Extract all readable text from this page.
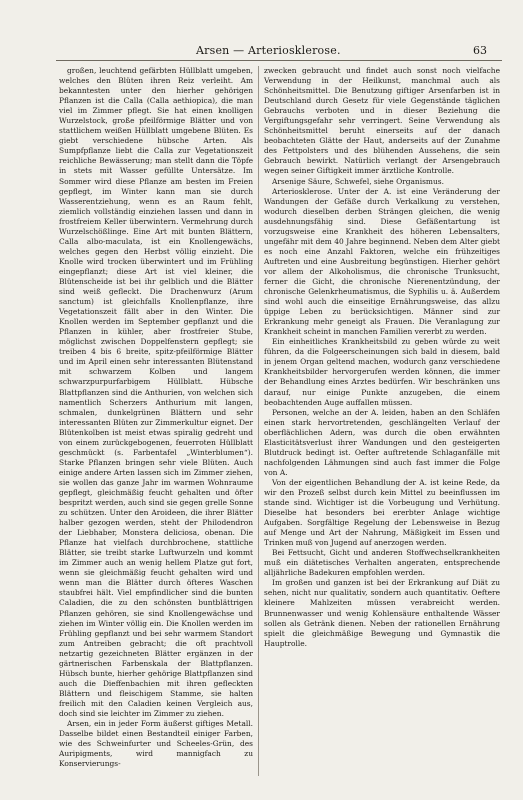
Arsen — Arteriosklerose.	63

großen, leuchtend gefärbten Hüllblatt umgeben, welches den Blüten ihren Reiz verleiht. Am bekanntesten unter den hierher gehörigen Pflanzen ist die Calla (Calla aethiopica), die man viel im Zimmer pflegt. Sie hat einen knolligen Wurzelstock, große pfeilförmige Blätter und von stattlichem weißen Hüllblatt umgebene Blüten. Es giebt verschiedene hübsche Arten. Als Sumpfpflanze liebt die Calla zur Vegetationszeit reichliche Bewässerung; man stellt dann die Töpfe in stets mit Wasser gefüllte Untersätze. Im Sommer wird diese Pflanze am besten im Freien gepflegt, im Winter kann man sie durch Wasserentziehung, wenn es an Raum fehlt, ziemlich vollständig einziehen lassen und dann in frostfreiem Keller überwintern. Vermehrung durch Wurzelschößlinge. Eine Art mit bunten Blättern, Calla albo-maculata, ist ein Knollengewächs, welches gegen den Herbst völlig einzieht. Die Knolle wird trocken überwintert und im Frühling eingepflanzt; diese Art ist viel kleiner, die Blütenscheide ist bei ihr gelblich und die Blätter sind weiß gefleckt. Die Drachenwurz (Arum sanctum) ist gleichfalls Knollenpflanze, ihre Vegetationszeit fällt aber in den Winter. Die Knollen werden im September gepflanzt und die Pflanzen in kühler, aber frostfreier Stube, möglichst zwischen Doppelfenstern gepflegt; sie treiben 4 bis 6 breite, spitz-pfeilförmige Blätter und im April einen sehr interessanten Blütenstand mit schwarzem Kolben und langem schwarzpurpurfarbigem Hüllblatt. Hübsche Blattpflanzen sind die Anthurien, von welchen sich namentlich Scherzers Anthurium mit langen, schmalen, dunkelgrünen Blättern und sehr interessanten Blüten zur Zimmerkultur eignet. Der Blütenkolben ist meist etwas spiralig gedreht und von einem zurückgebogenen, feuerroten Hüllblatt geschmückt (s. Farbentafel „Winterblumen“). Starke Pflanzen bringen sehr viele Blüten. Auch einige andere Arten lassen sich im Zimmer ziehen, sie wollen das ganze Jahr im warmen Wohnraume gepflegt, gleichmäßig feucht gehalten und öfter bespritzt werden, auch sind sie gegen grelle Sonne zu schützen. Unter den Aroideen, die ihrer Blätter halber gezogen werden, steht der Philodendron der Liebhaber, Monstera deliciosa, obenan. Die Pflanze hat vielfach durchbrochene, stattliche Blätter, sie treibt starke Luftwurzeln und kommt im Zimmer auch an wenig hellem Platze gut fort, wenn sie gleichmäßig feucht gehalten wird und wenn man die Blätter durch öfteres Waschen staubfrei hält. Viel empfindlicher sind die bunten Caladien, die zu den schönsten buntblättrigen Pflanzen gehören, sie sind Knollengewächse und ziehen im Winter völlig ein. Die Knollen werden im Frühling gepflanzt und bei sehr warmem Standort zum Antreiben gebracht; die oft prachtvoll netzartig gezeichneten Blätter ergänzen in der gärtnerischen Farbenskala der Blattpflanzen. Hübsch bunte, hierher gehörige Blattpflanzen sind auch die Dieffenbachien mit ihren gefleckten Blättern und fleischigem Stamme, sie halten freilich mit den Caladien keinen Vergleich aus, doch sind sie leichter im Zimmer zu ziehen.

Arsen, ein in jeder Form äußerst giftiges Metall. Dasselbe bildet einen Bestandteil einiger Farben, wie des Schweinfurter und Scheeles-Grün, des Auripigments, wird mannigfach zu Konservierungs-

zwecken gebraucht und findet auch sonst noch vielfache Verwendung in der Heilkunst, manchmal auch als Schönheitsmittel. Die Benutzung giftiger Arsenfarben ist in Deutschland durch Gesetz für viele Gegenstände täglichen Gebrauchs verboten und in dieser Beziehung die Vergiftungsgefahr sehr verringert. Seine Verwendung als Schönheitsmittel beruht einerseits auf der danach beobachteten Glätte der Haut, anderseits auf der Zunahme des Fettpolsters und des blühenden Aussehens, die sein Gebrauch bewirkt. Natürlich verlangt der Arsengebrauch wegen seiner Giftigkeit immer ärztliche Kontrolle.

Arsenige Säure, Schwefel, siehe Organismus.

Arteriosklerose. Unter der A. ist eine Veränderung der Wandungen der Gefäße durch Verkalkung zu verstehen, wodurch dieselben derben Strängen gleichen, die wenig ausdehnungsfähig sind. Diese Gefäßentartung ist vorzugsweise eine Krankheit des höheren Lebensalters, ungefähr mit dem 40 Jahre beginnend. Neben dem Alter giebt es noch eine Anzahl Faktoren, welche ein frühzeitiges Auftreten und eine Ausbreitung begünstigen. Hierher gehört vor allem der Alkoholismus, die chronische Trunksucht, ferner die Gicht, die chronische Nierenentzündung, der chronische Gelenkrheumatismus, die Syphilis u. ä. Außerdem sind wohl auch die einseitige Ernährungsweise, das allzu üppige Leben zu berücksichtigen. Männer sind zur Erkrankung mehr geneigt als Frauen. Die Veranlagung zur Krankheit scheint in manchen Familien vererbt zu werden.

Ein einheitliches Krankheitsbild zu geben würde zu weit führen, da die Folgeerscheinungen sich bald in diesem, bald in jenem Organ geltend machen, wodurch ganz verschiedene Krankheitsbilder hervorgerufen werden können, die immer der Behandlung eines Arztes bedürfen. Wir beschränken uns darauf, nur einige Punkte anzugeben, die einem beobachtenden Auge auffallen müssen.

Personen, welche an der A. leiden, haben an den Schläfen einen stark hervortretenden, geschlängelten Verlauf der oberflächlichen Adern, was durch die oben erwähnten Elasticitätsverlust ihrer Wandungen und den gesteigerten Blutdruck bedingt ist. Oefter auftretende Schlaganfälle mit nachfolgenden Lähmungen sind auch fast immer die Folge von A.

Von der eigentlichen Behandlung der A. ist keine Rede, da wir den Prozeß selbst durch kein Mittel zu beeinflussen im stande sind. Wichtiger ist die Vorbeugung und Verhütung. Dieselbe hat besonders bei ererbter Anlage wichtige Aufgaben. Sorgfältige Regelung der Lebensweise in Bezug auf Menge und Art der Nahrung, Mäßigkeit im Essen und Trinken muß von Jugend auf anerzogen werden.

Bei Fettsucht, Gicht und anderen Stoffwechselkrankheiten muß ein diätetisches Verhalten angeraten, entsprechende alljährliche Badekuren empfohlen werden.

Im großen und ganzen ist bei der Erkrankung auf Diät zu sehen, nicht nur qualitativ, sondern auch quantitativ. Oeftere kleinere Mahlzeiten müssen verabreicht werden. Brunnenwasser und wenig Kohlensäure enthaltende Wässer sollen als Getränk dienen. Neben der rationellen Ernährung spielt die gleichmäßige Bewegung und Gymnastik die Hauptrolle.
